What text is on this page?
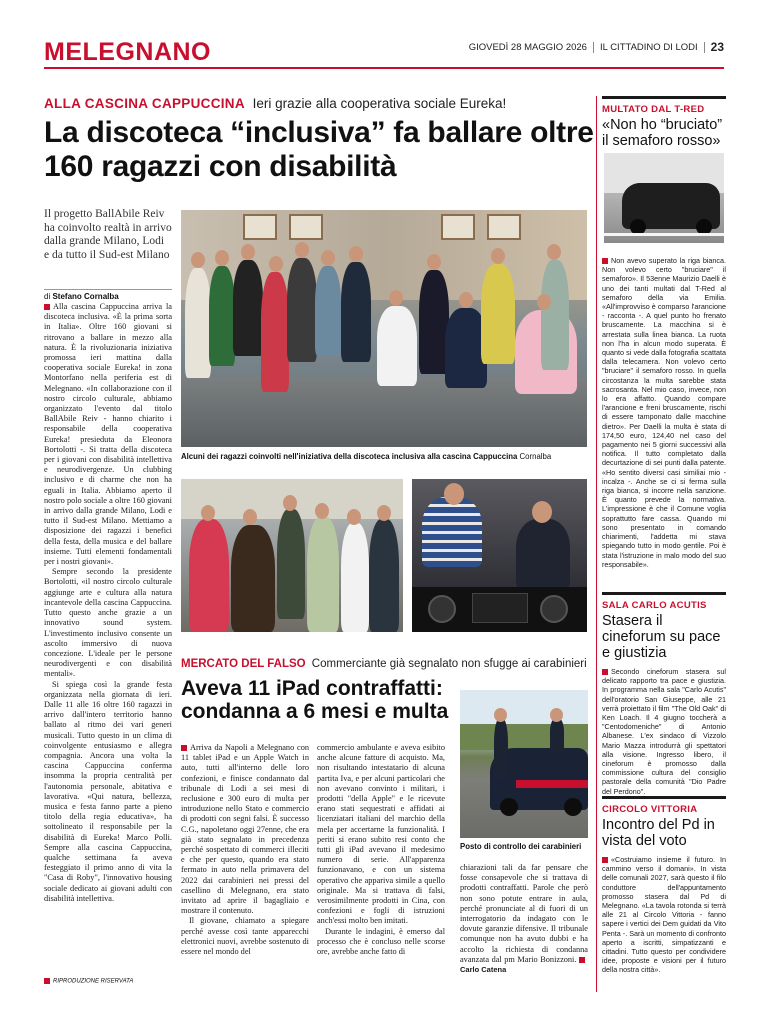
MELEGNANO	GIOVEDÌ 28 MAGGIO 2026 IL CITTADINO DI LODI 23
ALLA CASCINA CAPPUCCINA Ieri grazie alla cooperativa sociale Eureka!
La discoteca “inclusiva” fa ballare oltre 160 ragazzi con disabilità
Il progetto BallAbile Reiv ha coinvolto realtà in arrivo dalla grande Milano, Lodi e da tutto il Sud-est Milano
di Stefano Cornalba

Alla cascina Cappuccina arriva la discoteca inclusiva. «È la prima sorta in Italia». Oltre 160 giovani si ritrovano a ballare in mezzo alla natura. È la rivoluzionaria iniziativa promossa ieri mattina dalla cooperativa sociale Eureka! in zona Montorfano nella periferia est di Melegnano. «In collaborazione con il nostro circolo culturale, abbiamo organizzato l'evento dal titolo BallAbile Reiv - hanno chiarito i responsabile della cooperativa Eureka! presieduta da Eleonora Bortolotti -. Si tratta della discoteca per i giovani con disabilità intellettiva e neurodivergenze. Un clubbing inclusivo e di charme che non ha eguali in Italia. Abbiamo aperto il nostro polo sociale a oltre 160 giovani in arrivo dalla grande Milano, Lodi e tutto il Sud-est Milano. Mettiamo a disposizione dei ragazzi i benefici della festa, della musica e del ballare insieme. Tutti elementi fondamentali per i nostri giovani».

Sempre secondo la presidente Bortolotti, «il nostro circolo culturale aggiunge arte e cultura alla natura incantevole della cascina Cappuccina. Tutto questo anche grazie a un innovativo sound system. L'investimento inclusivo consente un ascolto immersivo di nuova concezione. L'ideale per le persone neurodivergenti e con disabilità mentali».

Si spiega così la grande festa organizzata nella giornata di ieri. Dalle 11 alle 16 oltre 160 ragazzi in arrivo dall'intero territorio hanno ballato al ritmo dei vari generi musicali. Tutto questo in un clima di coinvolgente entusiasmo e allegra compagnia. Ancora una volta la cascina Cappuccina conferma insomma la propria centralità per l'autonomia personale, abitativa e lavorativa. «Qui natura, bellezza, musica e festa fanno parte a pieno titolo della regia educativa», ha sottolineato il responsabile per la disabilità di Eureka! Marco Polli. Sempre alla cascina Cappuccina, qualche settimana fa aveva festeggiato il primo anno di vita la "Casa di Roby", l'innovativo housing sociale dedicato ai giovani adulti con disabilità intellettiva.

Alcuni dei ragazzi coinvolti nell'iniziativa della discoteca inclusiva alla cascina Cappuccina Cornalba
MERCATO DEL FALSO Commerciante già segnalato non sfugge ai carabinieri
Aveva 11 iPad contraffatti: condanna a 6 mesi e multa

Arriva da Napoli a Melegnano con 11 tablet iPad e un Apple Watch in auto, tutti all'interno delle loro confezioni, e finisce condannato dal tribunale di Lodi a sei mesi di reclusione e 300 euro di multa per introduzione nello Stato e commercio di prodotti con segni falsi. È successo C.G., napoletano oggi 27enne, che era già stato segnalato in precedenza perché sospettato di commerci illeciti e che per questo, quando era stato fermato in auto nella primavera del 2022 dai carabinieri nei pressi del casellino di Melegnano, era stato invitato ad aprire il bagagliaio e mostrare il contenuto.

Il giovane, chiamato a spiegare perché avesse così tante apparecchi elettronici nuovi, avrebbe sostenuto di essere nel mondo del

commercio ambulante e aveva esibito anche alcune fatture di acquisto. Ma, non risultando intestatario di alcuna partita Iva, e per alcuni particolari che non avevano convinto i militari, i prodotti "della Apple" e le ricevute erano stati sequestrati e affidati ai licenziatari italiani del marchio della mela per accertarne la funzionalità. I periti si erano subito resi conto che tutti gli iPad avevano il medesimo numero di serie. All'apparenza funzionavano, e con un sistema operativo che appariva simile a quello originale. Ma si trattava di falsi, verosimilmente prodotti in Cina, con confezioni e fogli di istruzioni anch'essi molto ben imitati.

Durante le indagini, è emerso dal processo che è concluso nelle scorse ore, avrebbe anche fatto di

Posto di controllo dei carabinieri

chiarazioni tali da far pensare che fosse consapevole che si trattava di prodotti contraffatti. Parole che però non sono potute entrare in aula, perché pronunciate al di fuori di un interrogatorio da indagato con le dovute garanzie difensive. Il tribunale comunque non ha avuto dubbi e ha accolto la richiesta di condanna avanzata dal pm Mario Bonizzoni. Carlo Catena

MULTATO DAL T-RED
«Non ho “bruciato” il semaforo rosso»
Non avevo superato la riga bianca. Non volevo certo "bruciare" il semaforo». Il 53enne Maurizio Daelli è uno dei tanti multati dal T-Red al semaforo della via Emilia. «All'improvviso è comparso l'arancione - racconta -. A quel punto ho frenato bruscamente. La macchina si è arrestata sulla linea bianca. La ruota non l'ha in alcun modo superata. È quanto si vede dalla fotografia scattata dalla telecamera. Non volevo certo "bruciare" il semaforo rosso. In quella circostanza la multa sarebbe stata sacrosanta. Nel mio caso, invece, non lo era affatto. Quando compare l'arancione e freni bruscamente, rischi di essere tamponato dalle macchine dietro». Per Daelli la multa è stata di 174,50 euro, 124,40 nel caso del pagamento nei 5 giorni successivi alla notifica. Il tutto completato dalla decurtazione di sei punti dalla patente. «Ho sentito diversi casi similiai mio - incalza -. Anche se ci si ferma sulla riga bianca, si incorre nella sanzione. È quanto prevede la normativa. L'impressione è che il Comune voglia soprattutto fare cassa. Quando mi sono presentato in comando chiarimenti, l'addetta mi stava spiegando tutto in modo gentile. Poi è stata l'istruzione in malo modo del suo responsabile».
SALA CARLO ACUTIS
Stasera il cineforum su pace e giustizia
Secondo cineforum stasera sul delicato rapporto tra pace e giustizia. In programma nella sala "Carlo Acutis" dell'oratorio San Giuseppe, alle 21 verrà proiettato il film "The Old Oak" di Ken Loach. Il 4 giugno toccherà a "Centodomeniche" di Antonio Albanese. L'ex sindaco di Vizzolo Mario Mazza introdurrà gli spettatori alla visione. Ingresso libero, il cineforum è promosso dalla commissione cultura del consiglio pastorale della comunità "Dio Padre del Perdono".
CIRCOLO VITTORIA
Incontro del Pd in vista del voto
«Costruiamo insieme il futuro. In cammino verso il domani». In vista delle comunali 2027, sarà questo il filo conduttore dell'appuntamento promosso stasera dal Pd di Melegnano. «La tavola rotonda si terrà alle 21 al Circolo Vittoria - fanno sapere i vertici dei Dem guidati da Vito Penta -. Sarà un momento di confronto aperto a iscritti, simpatizzanti e cittadini. Tutto questo per condividere idee, proposte e visioni per il futuro della nostra città».
RIPRODUZIONE RISERVATA
